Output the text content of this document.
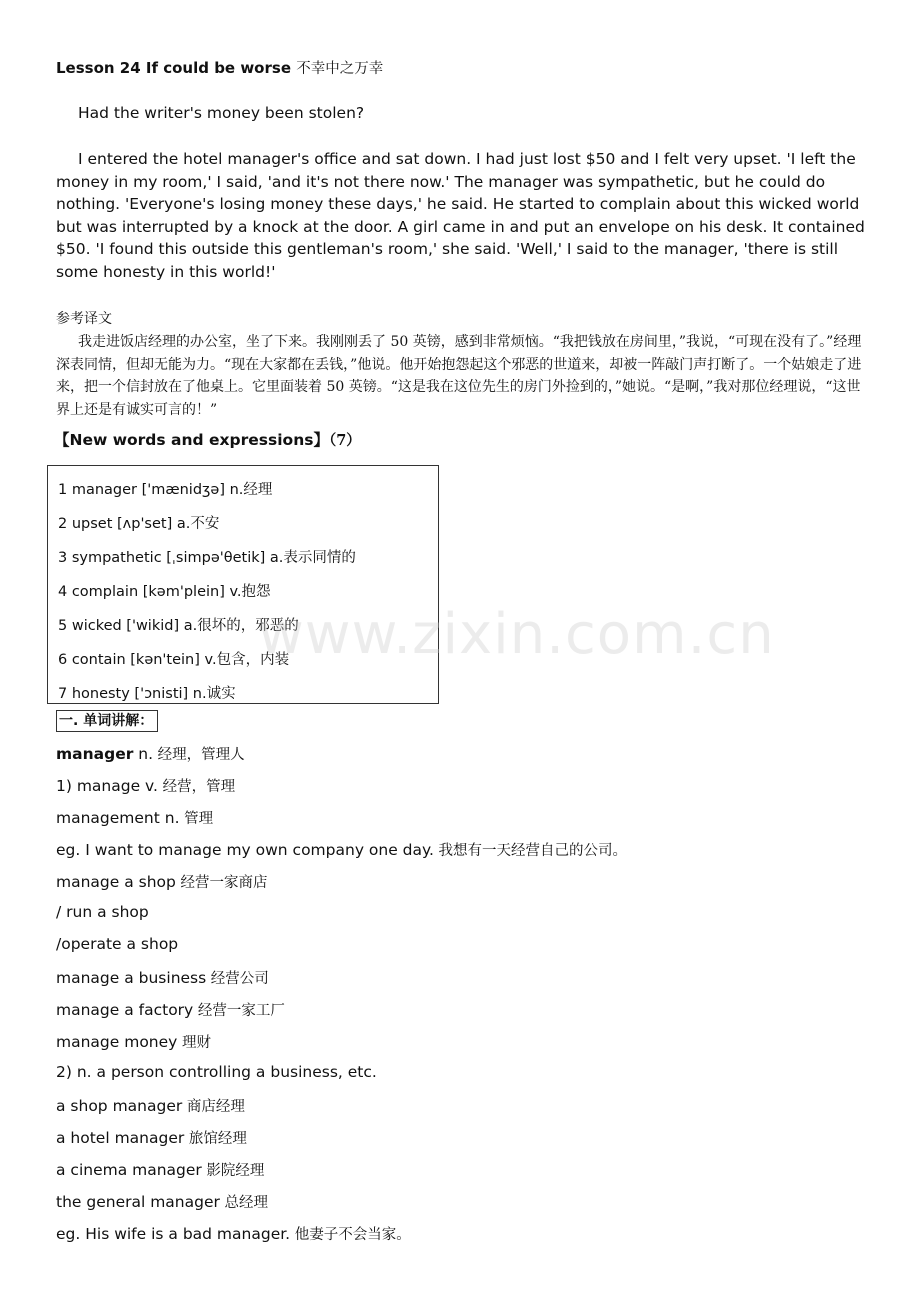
Lesson 24 If could be worse 不幸中之万幸
Had the writer's money been stolen?

I entered the hotel manager's office and sat down. I had just lost $50 and I felt very upset. 'I left the money in my room,' I said, 'and it's not there now.' The manager was sympathetic, but he could do nothing. 'Everyone's losing money these days,' he said. He started to complain about this wicked world but was interrupted by a knock at the door. A girl came in and put an envelope on his desk. It contained $50. 'I found this outside this gentleman's room,' she said. 'Well,' I said to the manager, 'there is still some honesty in this world!'

参考译文

我走进饭店经理的办公室，坐了下来。我刚刚丢了 50 英镑，感到非常烦恼。“我把钱放在房间里，”我说，“可现在没有了。”经理深表同情，但却无能为力。“现在大家都在丢钱，”他说。他开始抱怨起这个邪恶的世道来，却被一阵敲门声打断了。一个姑娘走了进来，把一个信封放在了他桌上。它里面装着 50 英镑。“这是我在这位先生的房门外捡到的，”她说。“是啊，”我对那位经理说，“这世界上还是有诚实可言的！”

【New words and expressions】（7）
1 manager ['mænidʒə] n.经理
2 upset [ʌp'set] a.不安
3 sympathetic [ˌsimpə'θetik] a.表示同情的
4 complain [kəm'plein] v.抱怨
5 wicked ['wikid] a.很坏的，邪恶的
6 contain [kən'tein] v.包含，内装
7 honesty ['ɔnisti] n.诚实
一. 单词讲解：
manager n. 经理，管理人
1) manage v. 经营，管理
management n. 管理
eg. I want to manage my own company one day. 我想有一天经营自己的公司。
manage a shop 经营一家商店
/ run a shop
/operate a shop
manage a business 经营公司
manage a factory 经营一家工厂
manage money 理财
2) n. a person controlling a business, etc.
a shop manager 商店经理
a hotel manager 旅馆经理
a cinema manager 影院经理
the general manager 总经理
eg. His wife is a bad manager. 他妻子不会当家。
www.zixin.com.cn
